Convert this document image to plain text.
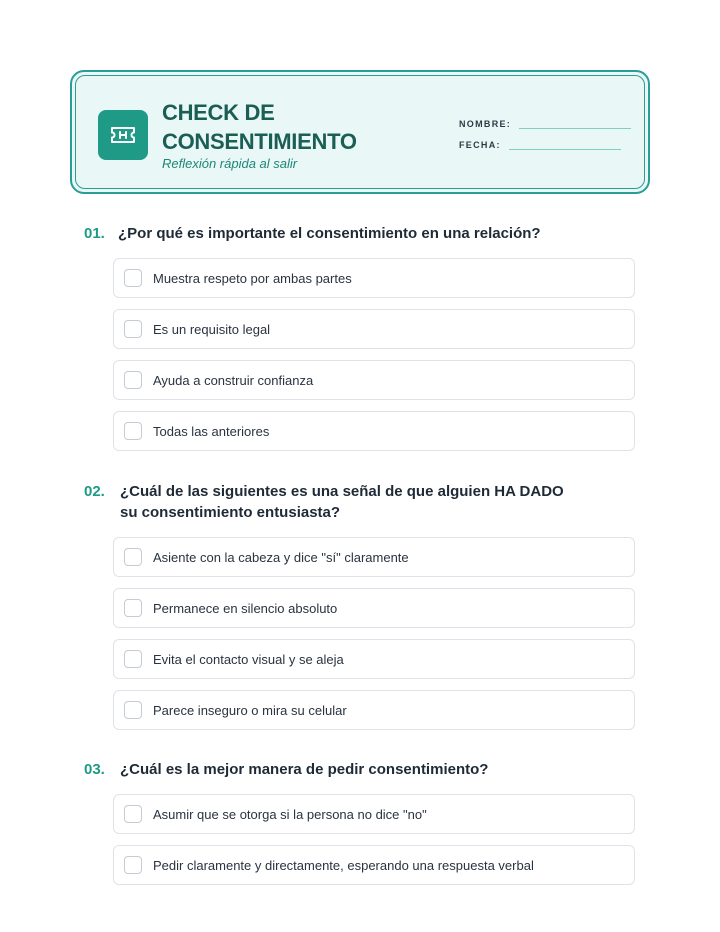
CHECK DE
CONSENTIMIENTO
Reflexión rápida al salir
NOMBRE:
FECHA:
01. ¿Por qué es importante el consentimiento en una relación?
Muestra respeto por ambas partes
Es un requisito legal
Ayuda a construir confianza
Todas las anteriores
02.	¿Cuál de las siguientes es una señal de que alguien HA DADO su consentimiento entusiasta?
Asiente con la cabeza y dice "sí" claramente
Permanece en silencio absoluto
Evita el contacto visual y se aleja
Parece inseguro o mira su celular
03.	¿Cuál es la mejor manera de pedir consentimiento?
Asumir que se otorga si la persona no dice "no"
Pedir claramente y directamente, esperando una respuesta verbal
